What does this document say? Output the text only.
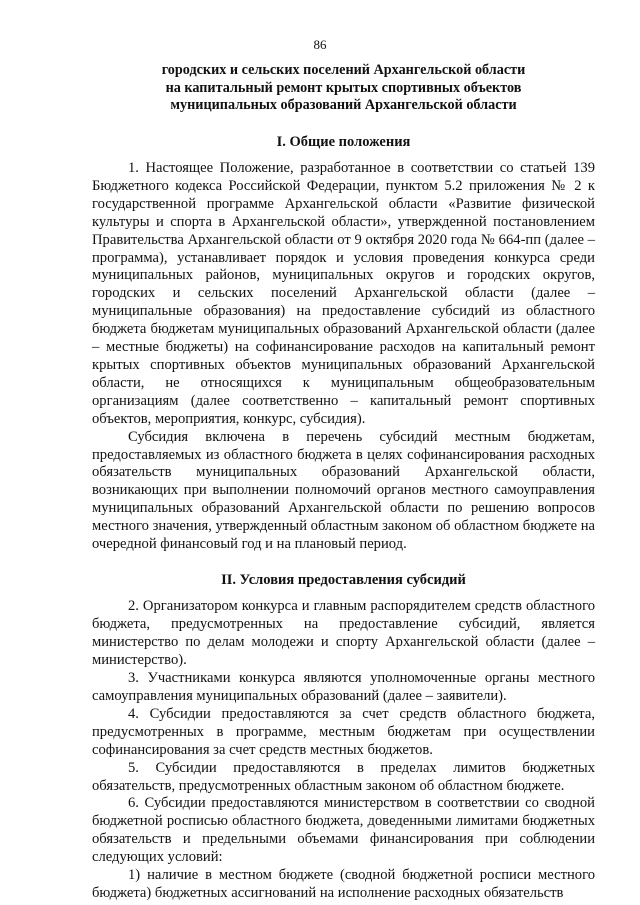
86
городских и сельских поселений Архангельской области
на капитальный ремонт крытых спортивных объектов
муниципальных образований Архангельской области
I. Общие положения

1. Настоящее Положение, разработанное в соответствии со статьей 139 Бюджетного кодекса Российской Федерации, пунктом 5.2 приложения № 2 к государственной программе Архангельской области «Развитие физической культуры и спорта в Архангельской области», утвержденной постановлением Правительства Архангельской области от 9 октября 2020 года № 664-пп (далее – программа), устанавливает порядок и условия проведения конкурса среди муниципальных районов, муниципальных округов и городских округов, городских и сельских поселений Архангельской области (далее – муниципальные образования) на предоставление субсидий из областного бюджета бюджетам муниципальных образований Архангельской области (далее – местные бюджеты) на софинансирование расходов на капитальный ремонт крытых спортивных объектов муниципальных образований Архангельской области, не относящихся к муниципальным общеобразовательным организациям (далее соответственно – капитальный ремонт спортивных объектов, мероприятия, конкурс, субсидия).

Субсидия включена в перечень субсидий местным бюджетам, предоставляемых из областного бюджета в целях софинансирования расходных обязательств муниципальных образований Архангельской области, возникающих при выполнении полномочий органов местного самоуправления муниципальных образований Архангельской области по решению вопросов местного значения, утвержденный областным законом об областном бюджете на очередной финансовый год и на плановый период.

II. Условия предоставления субсидий

2. Организатором конкурса и главным распорядителем средств областного бюджета, предусмотренных на предоставление субсидий, является министерство по делам молодежи и спорту Архангельской области (далее – министерство).

3. Участниками конкурса являются уполномоченные органы местного самоуправления муниципальных образований (далее – заявители).

4. Субсидии предоставляются за счет средств областного бюджета, предусмотренных в программе, местным бюджетам при осуществлении софинансирования за счет средств местных бюджетов.

5. Субсидии предоставляются в пределах лимитов бюджетных обязательств, предусмотренных областным законом об областном бюджете.

6. Субсидии предоставляются министерством в соответствии со сводной бюджетной росписью областного бюджета, доведенными лимитами бюджетных обязательств и предельными объемами финансирования при соблюдении следующих условий:

1) наличие в местном бюджете (сводной бюджетной росписи местного бюджета) бюджетных ассигнований на исполнение расходных обязательств
